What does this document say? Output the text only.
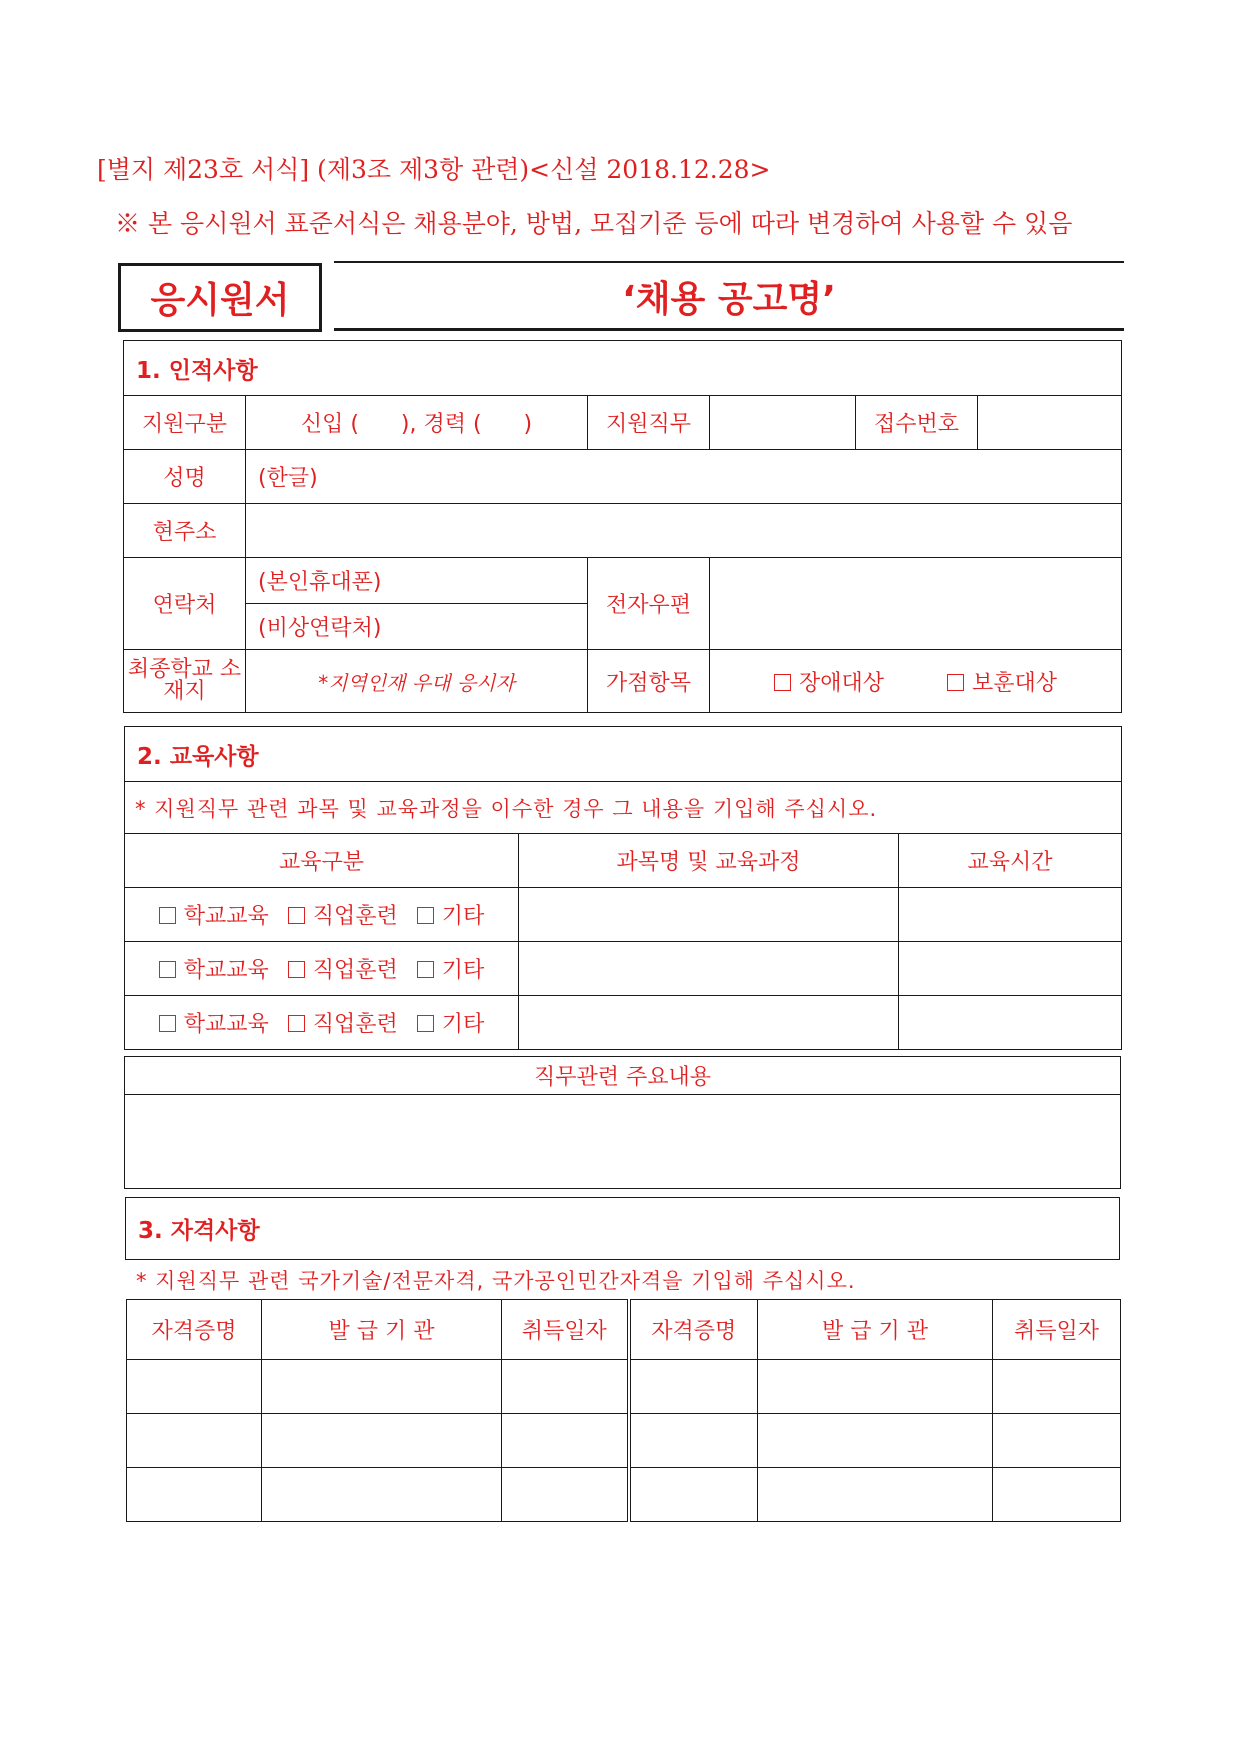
[별지 제23호 서식] (제3조 제3항 관련)<신설 2018.12.28>
※ 본 응시원서 표준서식은 채용분야, 방법, 모집기준 등에 따라 변경하여 사용할 수 있음
응시원서	‘채용 공고명’
1. 인적사항					
지원구분	신입 (      ), 경력 (      )	지원직무		접수번호	
성명	(한글)				
현주소					
연락처	(본인휴대폰)	전자우편			
	(비상연락처)				
최종학교 소재지	*지역인재 우대 응시자	가점항목	장애대상 보훈대상		
2. 교육사항		
* 지원직무 관련 과목 및 교육과정을 이수한 경우 그 내용을 기입해 주십시오.		
교육구분	과목명 및 교육과정	교육시간
학교교육 직업훈련 기타		
학교교육 직업훈련 기타		
학교교육 직업훈련 기타		
직무관련 주요내용

3. 자격사항
* 지원직무 관련 국가기술/전문자격, 국가공인민간자격을 기입해 주십시오.
자격증명	발 급 기 관	취득일자	자격증명	발 급 기 관	취득일자
